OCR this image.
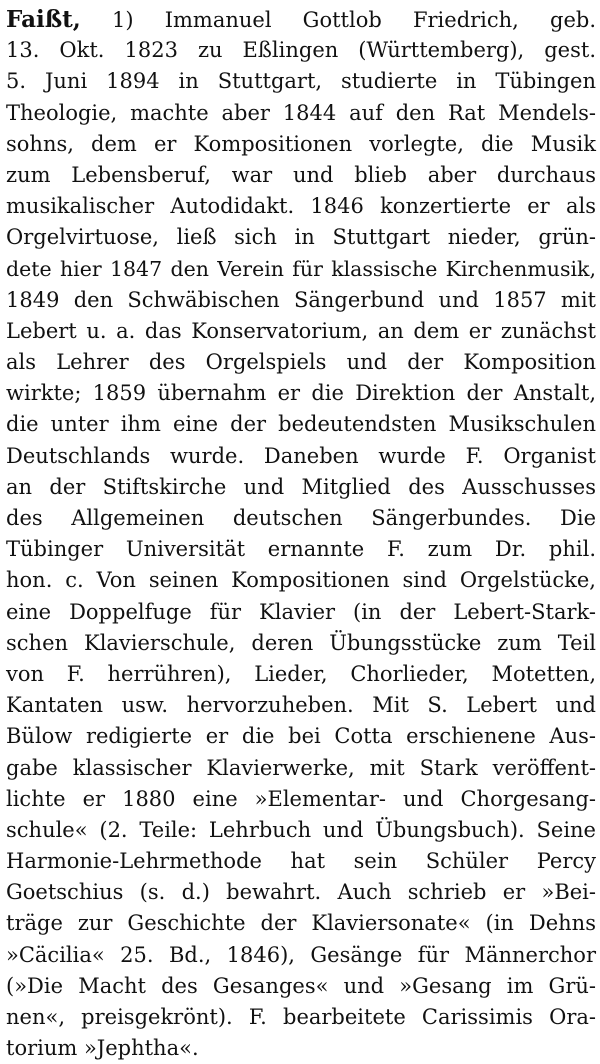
Faißt, 1) Immanuel Gottlob Friedrich, geb.
13. Okt. 1823 zu Eßlingen (Württemberg), gest.
5. Juni 1894 in Stuttgart, studierte in Tübingen
Theologie, machte aber 1844 auf den Rat Mendels-
sohns, dem er Kompositionen vorlegte, die Musik
zum Lebensberuf, war und blieb aber durchaus
musikalischer Autodidakt. 1846 konzertierte er als
Orgelvirtuose, ließ sich in Stuttgart nieder, grün-
dete hier 1847 den Verein für klassische Kirchenmusik,
1849 den Schwäbischen Sängerbund und 1857 mit
Lebert u. a. das Konservatorium, an dem er zunächst
als Lehrer des Orgelspiels und der Komposition
wirkte; 1859 übernahm er die Direktion der Anstalt,
die unter ihm eine der bedeutendsten Musikschulen
Deutschlands wurde. Daneben wurde F. Organist
an der Stiftskirche und Mitglied des Ausschusses
des Allgemeinen deutschen Sängerbundes. Die
Tübinger Universität ernannte F. zum Dr. phil.
hon. c. Von seinen Kompositionen sind Orgelstücke,
eine Doppelfuge für Klavier (in der Lebert-Stark-
schen Klavierschule, deren Übungsstücke zum Teil
von F. herrühren), Lieder, Chorlieder, Motetten,
Kantaten usw. hervorzuheben. Mit S. Lebert und
Bülow redigierte er die bei Cotta erschienene Aus-
gabe klassischer Klavierwerke, mit Stark veröffent-
lichte er 1880 eine »Elementar- und Chorgesang-
schule« (2. Teile: Lehrbuch und Übungsbuch). Seine
Harmonie-Lehrmethode hat sein Schüler Percy
Goetschius (s. d.) bewahrt. Auch schrieb er »Bei-
träge zur Geschichte der Klaviersonate« (in Dehns
»Cäcilia« 25. Bd., 1846), Gesänge für Männerchor
(»Die Macht des Gesanges« und »Gesang im Grü-
nen«, preisgekrönt). F. bearbeitete Carissimis Ora-
torium »Jephtha«.
